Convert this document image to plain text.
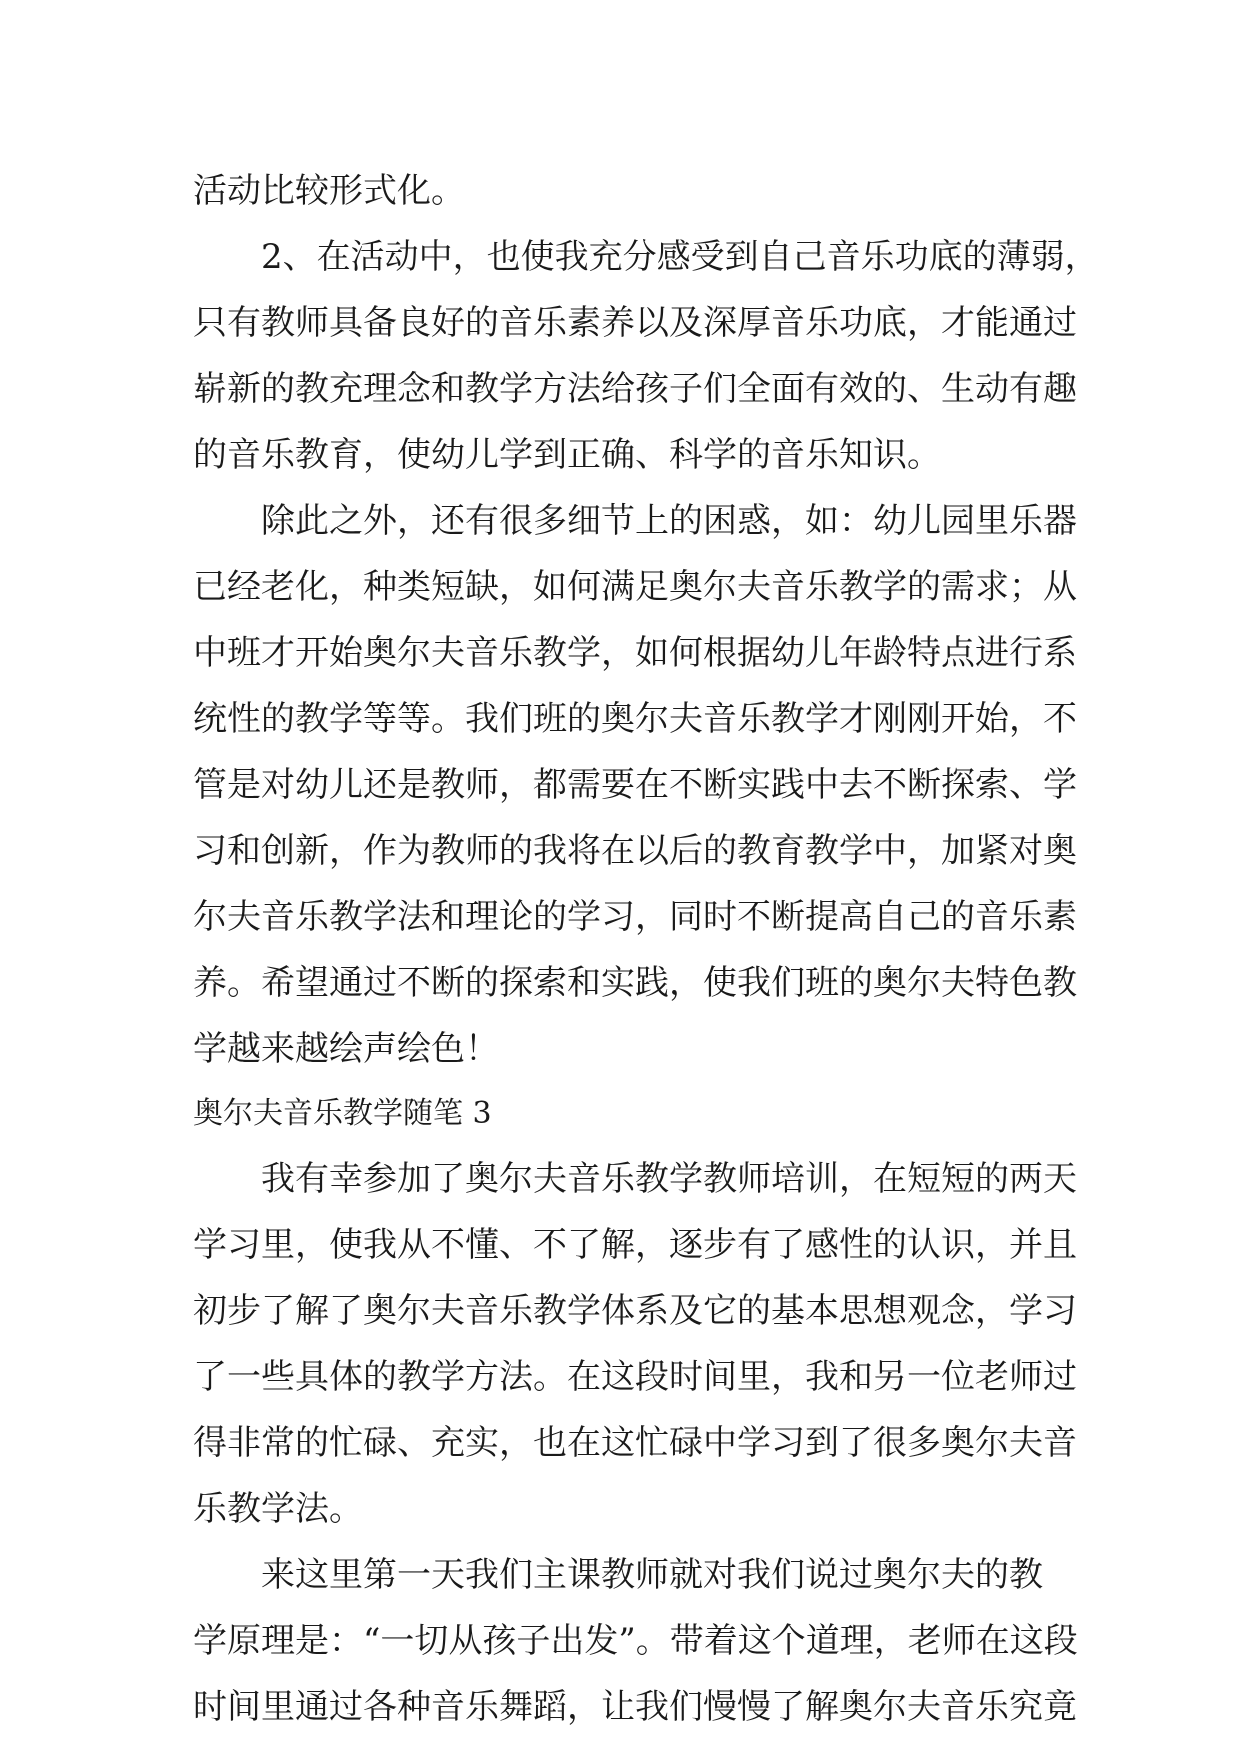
活动比较形式化。
　　2、在活动中，也使我充分感受到自己音乐功底的薄弱，
只有教师具备良好的音乐素养以及深厚音乐功底，才能通过
崭新的教充理念和教学方法给孩子们全面有效的、生动有趣
的音乐教育，使幼儿学到正确、科学的音乐知识。
　　除此之外，还有很多细节上的困惑，如：幼儿园里乐器
已经老化，种类短缺，如何满足奥尔夫音乐教学的需求；从
中班才开始奥尔夫音乐教学，如何根据幼儿年龄特点进行系
统性的教学等等。我们班的奥尔夫音乐教学才刚刚开始，不
管是对幼儿还是教师，都需要在不断实践中去不断探索、学
习和创新，作为教师的我将在以后的教育教学中，加紧对奥
尔夫音乐教学法和理论的学习，同时不断提高自己的音乐素
养。希望通过不断的探索和实践，使我们班的奥尔夫特色教
学越来越绘声绘色！
奥尔夫音乐教学随笔 3
　　我有幸参加了奥尔夫音乐教学教师培训，在短短的两天
学习里，使我从不懂、不了解，逐步有了感性的认识，并且
初步了解了奥尔夫音乐教学体系及它的基本思想观念，学习
了一些具体的教学方法。在这段时间里，我和另一位老师过
得非常的忙碌、充实，也在这忙碌中学习到了很多奥尔夫音
乐教学法。
　　来这里第一天我们主课教师就对我们说过奥尔夫的教
学原理是：“一切从孩子出发”。带着这个道理，老师在这段
时间里通过各种音乐舞蹈，让我们慢慢了解奥尔夫音乐究竟
